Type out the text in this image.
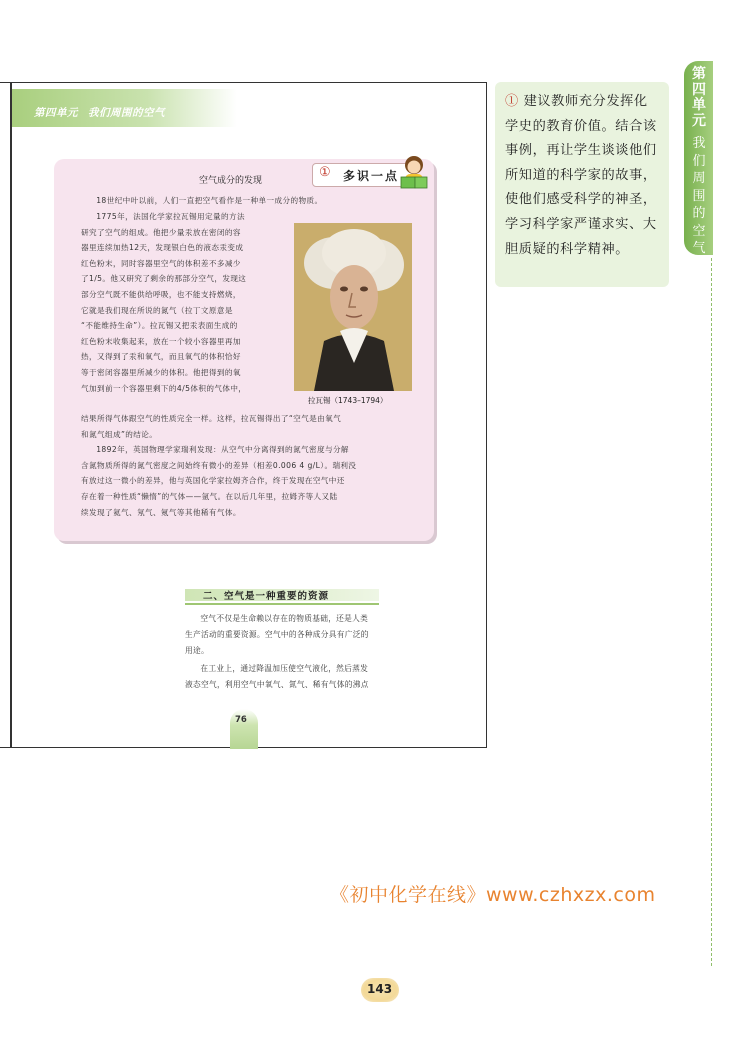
第四单元 我们周围的空气
空气成分的发现
① 多识一点

18世纪中叶以前，人们一直把空气看作是一种单一成分的物质。

1775年，法国化学家拉瓦锡用定量的方法

研究了空气的组成。他把少量汞放在密闭的容
器里连续加热12天，发现银白色的液态汞变成
红色粉末，同时容器里空气的体积差不多减少
了1/5。他又研究了剩余的那部分空气，发现这
部分空气既不能供给呼吸，也不能支持燃烧，
它就是我们现在所说的氮气（拉丁文原意是
“不能维持生命”）。拉瓦锡又把汞表面生成的
红色粉末收集起来，放在一个较小容器里再加
热，又得到了汞和氧气，而且氧气的体积恰好
等于密闭容器里所减少的体积。他把得到的氧
气加到前一个容器里剩下的4/5体积的气体中，
拉瓦锡（1743–1794）
结果所得气体跟空气的性质完全一样。这样，拉瓦锡得出了“空气是由氧气
和氮气组成”的结论。

1892年，英国物理学家瑞利发现：从空气中分离得到的氮气密度与分解

含氮物质所得的氮气密度之间始终有微小的差异（相差0.006 4 g/L）。瑞利没
有放过这一微小的差异，他与英国化学家拉姆齐合作，终于发现在空气中还
存在着一种性质“懒惰”的气体——氩气。在以后几年里，拉姆齐等人又陆
续发现了氦气、氖气、氪气等其他稀有气体。
二、空气是一种重要的资源
空气不仅是生命赖以存在的物质基础，还是人类
生产活动的重要资源。空气中的各种成分具有广泛的
用途。
在工业上，通过降温加压使空气液化，然后蒸发
液态空气，利用空气中氧气、氮气、稀有气体的沸点
76
① 建议教师充分发挥化学史的教育价值。结合该事例，再让学生谈谈他们所知道的科学家的故事，使他们感受科学的神圣，学习科学家严谨求实、大胆质疑的科学精神。
第四单元
我们周围的空气
《初中化学在线》www.czhxzx.com
143
